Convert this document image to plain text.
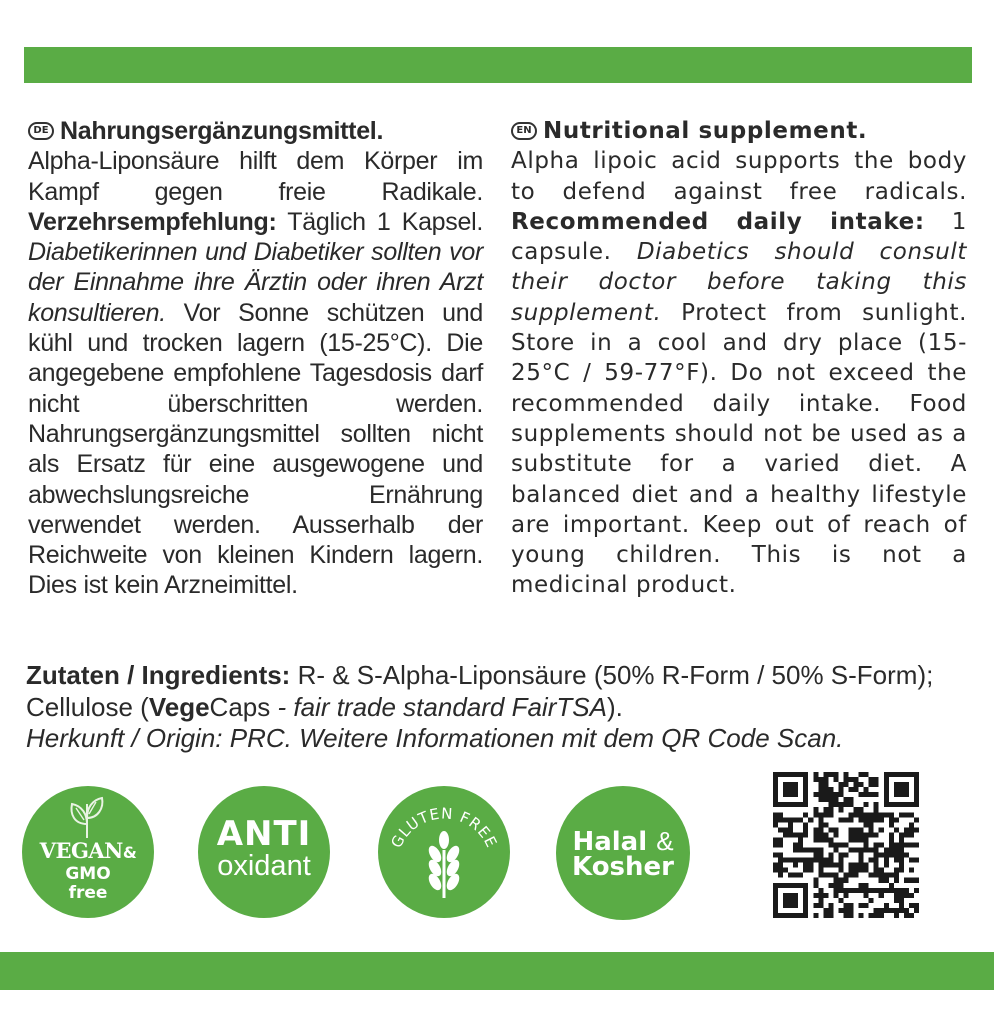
DE Nahrungsergänzungsmittel.

Alpha-Liponsäure hilft dem Körper im Kampf gegen freie Radikale. Verzehrsempfehlung: Täglich 1 Kapsel. Diabetikerinnen und Diabetiker sollten vor der Einnahme ihre Ärztin oder ihren Arzt konsultieren. Vor Sonne schützen und kühl und trocken lagern (15-25°C). Die angegebene empfohlene Tagesdosis darf nicht überschritten werden. Nahrungsergänzungsmittel sollten nicht als Ersatz für eine ausgewogene und abwechslungsreiche Ernährung verwendet werden. Ausserhalb der Reichweite von kleinen Kindern lagern. Dies ist kein Arzneimittel.

EN Nutritional supplement.

Alpha lipoic acid supports the body to defend against free radicals. Recommended daily intake: 1 capsule. Diabetics should consult their doctor before taking this supplement. Protect from sunlight. Store in a cool and dry place (15-25°C / 59-77°F). Do not exceed the recommended daily intake. Food supplements should not be used as a substitute for a varied diet. A balanced diet and a healthy lifestyle are important. Keep out of reach of young children. This is not a medicinal product.

Zutaten / Ingredients: R- & S-Alpha-Liponsäure (50% R-Form / 50% S-Form); Cellulose (VegeCaps - fair trade standard FairTSA).

Herkunft / Origin: PRC. Weitere Informationen mit dem QR Code Scan.

VEGAN&
GMO
free
ANTI
oxidant
GLUTEN FREE	Halal &
Kosher
